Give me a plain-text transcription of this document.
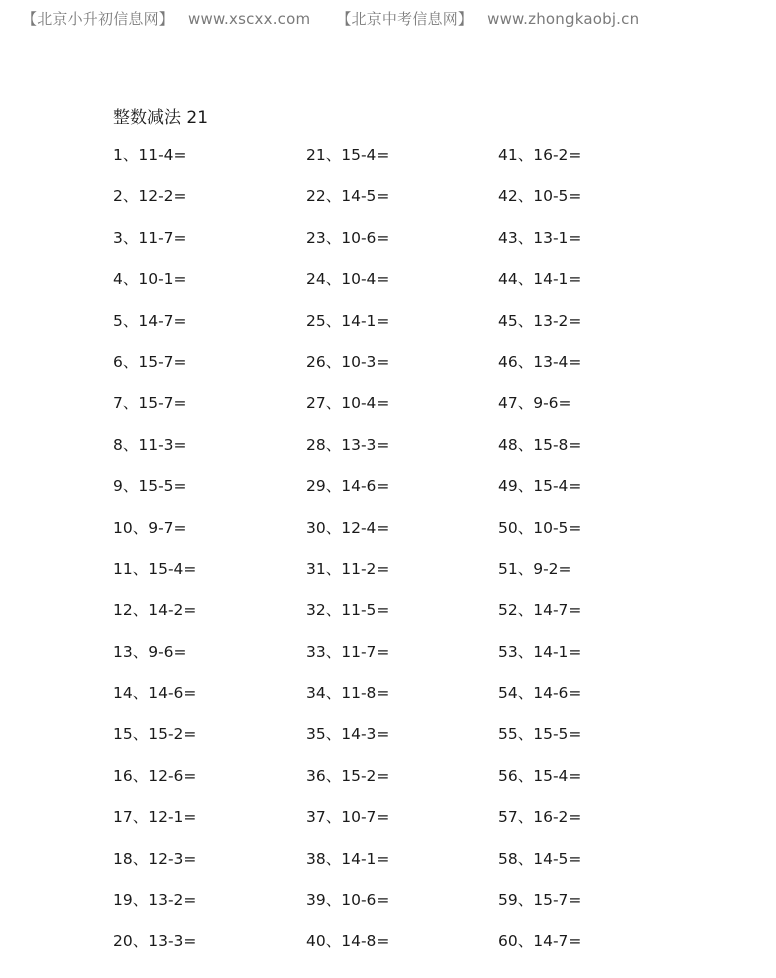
【北京小升初信息网】 www.xscxx.com 【北京中考信息网】 www.zhongkaobj.cn
整数减法 21
1、11-4=
2、12-2=
3、11-7=
4、10-1=
5、14-7=
6、15-7=
7、15-7=
8、11-3=
9、15-5=
10、9-7=
11、15-4=
12、14-2=
13、9-6=
14、14-6=
15、15-2=
16、12-6=
17、12-1=
18、12-3=
19、13-2=
20、13-3=
21、15-4=
22、14-5=
23、10-6=
24、10-4=
25、14-1=
26、10-3=
27、10-4=
28、13-3=
29、14-6=
30、12-4=
31、11-2=
32、11-5=
33、11-7=
34、11-8=
35、14-3=
36、15-2=
37、10-7=
38、14-1=
39、10-6=
40、14-8=
41、16-2=
42、10-5=
43、13-1=
44、14-1=
45、13-2=
46、13-4=
47、9-6=
48、15-8=
49、15-4=
50、10-5=
51、9-2=
52、14-7=
53、14-1=
54、14-6=
55、15-5=
56、15-4=
57、16-2=
58、14-5=
59、15-7=
60、14-7=
